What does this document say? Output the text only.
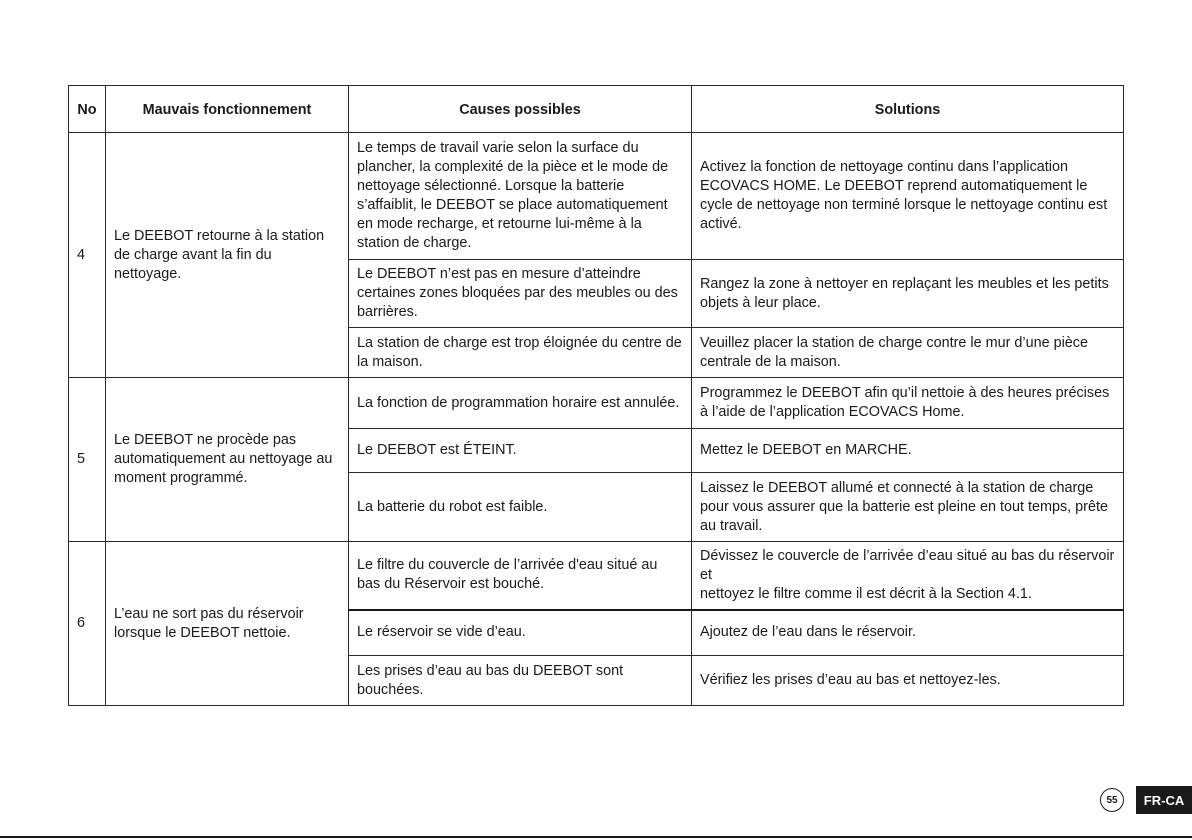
No	Mauvais fonctionnement	Causes possibles	Solutions
4	Le DEEBOT retourne à la station de charge avant la fin du nettoyage.	Le temps de travail varie selon la surface du plancher, la complexité de la pièce et le mode de nettoyage sélectionné. Lorsque la batterie s’affaiblit, le DEEBOT se place automatiquement en mode recharge, et retourne lui-même à la station de charge.	Activez la fonction de nettoyage continu dans l’application ECOVACS HOME. Le DEEBOT reprend automatiquement le cycle de nettoyage non terminé lorsque le nettoyage continu est activé.
		Le DEEBOT n’est pas en mesure d’atteindre certaines zones bloquées par des meubles ou des barrières.	Rangez la zone à nettoyer en replaçant les meubles et les petits objets à leur place.
		La station de charge est trop éloignée du centre de la maison.	Veuillez placer la station de charge contre le mur d’une pièce centrale de la maison.
5	Le DEEBOT ne procède pas automatiquement au nettoyage au moment programmé.	La fonction de programmation horaire est annulée.	Programmez le DEEBOT afin qu’il nettoie à des heures précises à l’aide de l’application ECOVACS Home.
		Le DEEBOT est ÉTEINT.	Mettez le DEEBOT en MARCHE.
		La batterie du robot est faible.	Laissez le DEEBOT allumé et connecté à la station de charge pour vous assurer que la batterie est pleine en tout temps, prête au travail.
6	L’eau ne sort pas du réservoir lorsque le DEEBOT nettoie.	Le filtre du couvercle de l’arrivée d'eau situé au bas du Réservoir est bouché.	Dévissez le couvercle de l’arrivée d’eau situé au bas du réservoir et
nettoyez le filtre comme il est décrit à la Section 4.1.
		Le réservoir se vide d’eau.	Ajoutez de l’eau dans le réservoir.
		Les prises d’eau au bas du DEEBOT sont bouchées.	Vérifiez les prises d’eau au bas et nettoyez-les.
55	FR-CA
